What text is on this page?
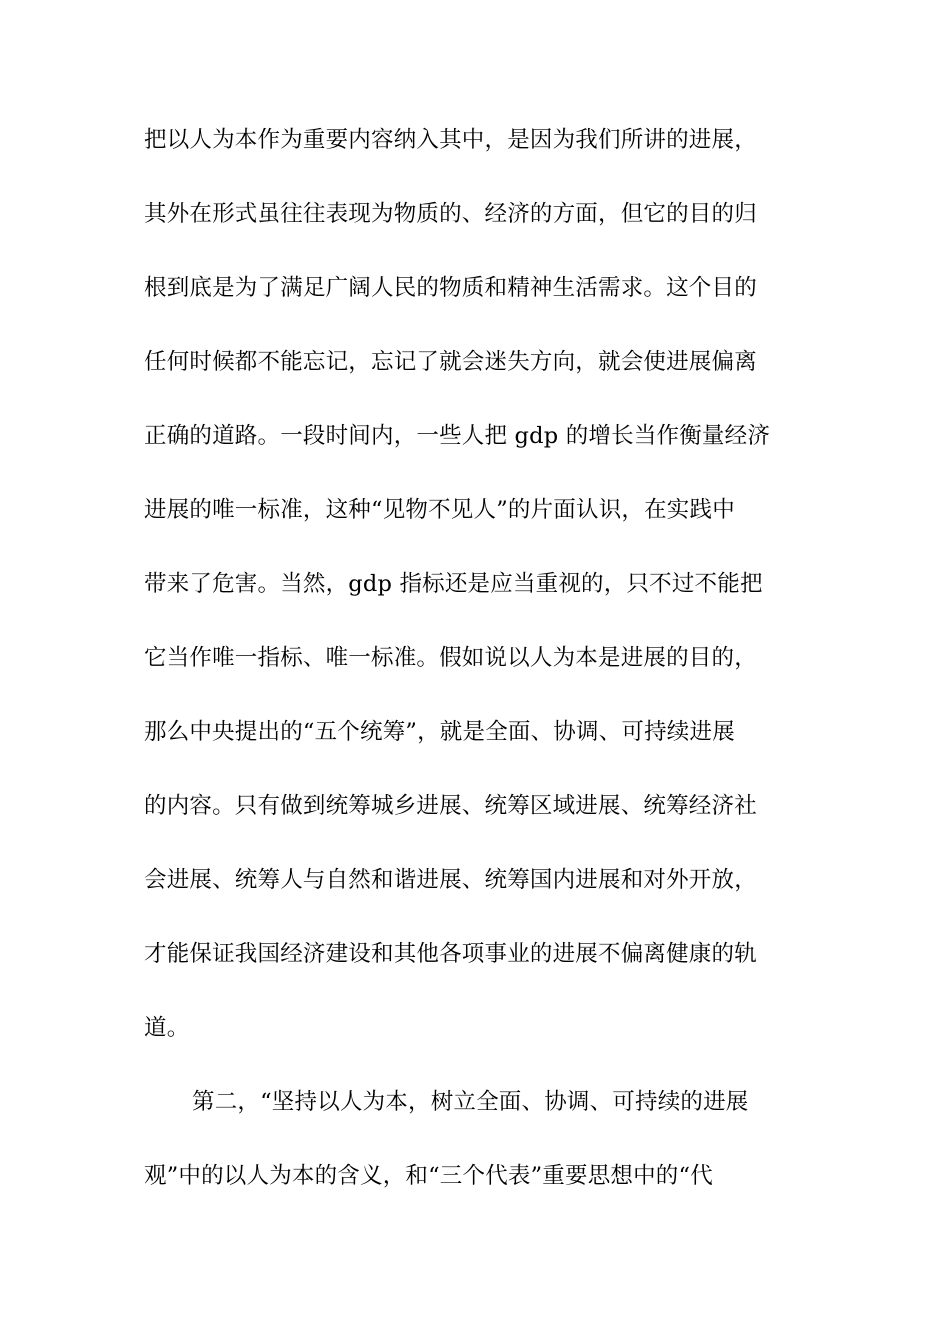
把以人为本作为重要内容纳入其中，是因为我们所讲的进展，
其外在形式虽往往表现为物质的、经济的方面，但它的目的归
根到底是为了满足广阔人民的物质和精神生活需求。这个目的
任何时候都不能忘记，忘记了就会迷失方向，就会使进展偏离
正确的道路。一段时间内，一些人把 gdp 的增长当作衡量经济
进展的唯一标准，这种“见物不见人”的片面认识，在实践中
带来了危害。当然，gdp 指标还是应当重视的，只不过不能把
它当作唯一指标、唯一标准。假如说以人为本是进展的目的，
那么中央提出的“五个统筹”，就是全面、协调、可持续进展
的内容。只有做到统筹城乡进展、统筹区域进展、统筹经济社
会进展、统筹人与自然和谐进展、统筹国内进展和对外开放，
才能保证我国经济建设和其他各项事业的进展不偏离健康的轨
道。
第二，“坚持以人为本，树立全面、协调、可持续的进展
观”中的以人为本的含义，和“三个代表”重要思想中的“代
